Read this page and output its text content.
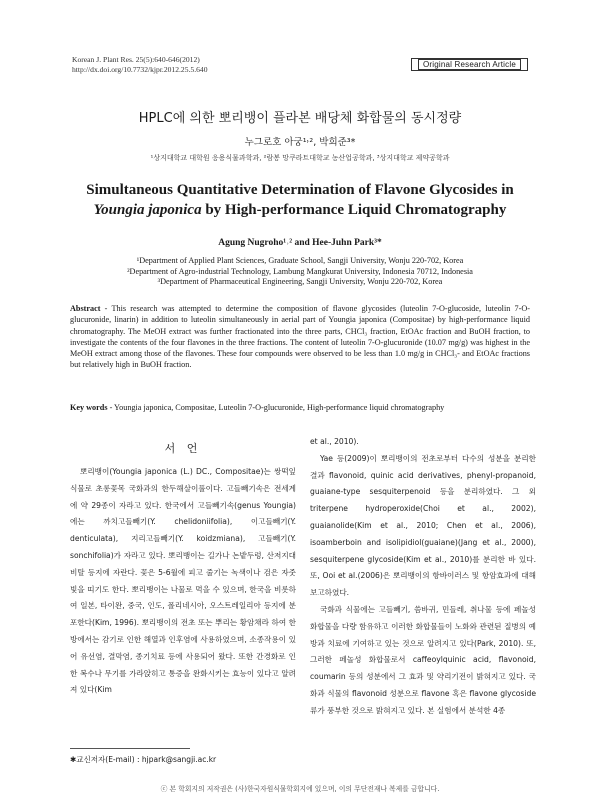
Korean J. Plant Res. 25(5):640-646(2012)
http://dx.doi.org/10.7732/kjpr.2012.25.5.640
Original Research Article
HPLC에 의한 뽀리뱅이 플라본 배당체 화합물의 동시정량
누그로호 아궁¹˒², 박희준³*
¹상지대학교 대학원 응용식물과학과, ²람봉 망쿠라트대학교 농산업공학과, ³상지대학교 제약공학과
Simultaneous Quantitative Determination of Flavone Glycosides in
Youngia japonica by High-performance Liquid Chromatography
Agung Nugroho¹˒² and Hee-Juhn Park³*
¹Department of Applied Plant Sciences, Graduate School, Sangji University, Wonju 220-702, Korea
²Department of Agro-industrial Technology, Lambung Mangkurat University, Indonesia 70712, Indonesia
³Department of Pharmaceutical Engineering, Sangji University, Wonju 220-702, Korea
Abstract - This research was attempted to determine the composition of flavone glycosides (luteolin 7-O-glucoside, luteolin 7-O-glucuronide, linarin) in addition to luteolin simultaneously in aerial part of Youngia japonica (Compositae) by high-performance liquid chromatography. The MeOH extract was further fractionated into the three parts, CHCl₃ fraction, EtOAc fraction and BuOH fraction, to investigate the contents of the four flavones in the three fractions. The content of luteolin 7-O-glucuronide (10.07 mg/g) was highest in the MeOH extract among those of the flavones. These four compounds were observed to be less than 1.0 mg/g in CHCl₃- and EtOAc fractions but relatively high in BuOH fraction.
Key words - Youngia japonica, Compositae, Luteolin 7-O-glucuronide, High-performance liquid chromatography
서 언

뽀리뱅이(Youngia japonica (L.) DC., Compositae)는 쌍떡잎식물로 초롱꽃목 국화과의 한두해살이풀이다. 고들빼기속은 전세계에 약 29종이 자라고 있다. 한국에서 고들빼기속(genus Youngia)에는 까치고들빼기(Y. chelidoniifolia), 이고들빼기(Y. denticulata), 지리고들빼기(Y. koidzmiana), 고들빼기(Y. sonchifolia)가 자라고 있다. 뽀리뱅이는 길가나 논밭두렁, 산저지대 비탈 등지에 자란다. 꽃은 5-6월에 피고 줄기는 녹색이나 검은 자줏빛을 띠기도 한다. 뽀리뱅이는 나물로 먹을 수 있으며, 한국을 비롯하여 일본, 타이완, 중국, 인도, 폴리네시아, 오스트레일리아 등지에 분포한다(Kim, 1996). 뽀리뱅이의 전초 또는 뿌리는 황암채라 하여 한방에서는 감기로 인한 해열과 인후염에 사용하였으며, 소종작용이 있어 유선염, 결막염, 종기치료 등에 사용되어 왔다. 또한 간경화로 인한 복수나 무기를 가라앉히고 통증을 완화시키는 효능이 있다고 알려져 있다(Kim

et al., 2010).

Yae 등(2009)이 뽀리뱅이의 전초로부터 다수의 성분을 분리한 결과 flavonoid, quinic acid derivatives, phenyl-propanoid, guaiane-type sesquiterpenoid 등을 분리하였다. 그 외 triterpene hydroperoxide(Choi et al., 2002), guaianolide(Kim et al., 2010; Chen et al., 2006), isoamberboin and isolipidiol(guaiane)(Jang et al., 2000), sesquiterpene glycoside(Kim et al., 2010)를 분리한 바 있다. 또, Ooi et al.(2006)은 뽀리뱅이의 항바이러스 및 항암효과에 대해 보고하였다.

국화과 식물에는 고들빼기, 씀바귀, 민들레, 취나물 등에 페놀성 화합물을 다량 함유하고 이러한 화합물들이 노화와 관련된 질병의 예방과 치료에 기여하고 있는 것으로 알려지고 있다(Park, 2010). 또, 그러한 페놀성 화합물로서 caffeoylquinic acid, flavonoid, coumarin 등의 성분에서 그 효과 및 약리기전이 밝혀지고 있다. 국화과 식물의 flavonoid 성분으로 flavone 혹은 flavone glycoside류가 풍부한 것으로 밝혀지고 있다. 본 실험에서 분석한 4종

✱교신저자(E-mail) : hjpark@sangji.ac.kr
ⓒ 본 학회지의 저작권은 (사)한국자원식물학회지에 있으며, 이의 무단전재나 복제를 금합니다.
